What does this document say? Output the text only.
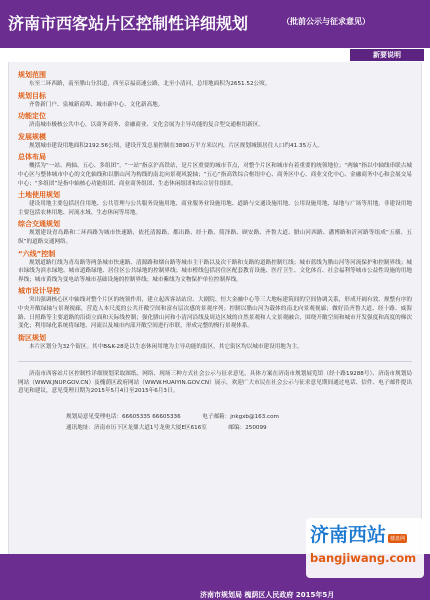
济南市西客站片区控制性详细规划	（批前公示与征求意见）
新要说明
规划范围

东至二环西路，南至腊山分洪道，西至京福高速公路，北至小清河，总用地面积为2651.52公顷。

规划目标

齐鲁新门户、泉城新商埠、城市新中心、文化新高地。

功能定位

济南城市极核公共中心，以商务商务、金融商业、文化会展为主导功能的复合型交通枢纽新区。

发展规模

规划城市建设用地面积2192.56公顷，建设开发总量控制在3890万平方米以内，片区规划城镇居住人口约41.35万人。

总体布局

概括为“一站、两轴、五心、多组团”。“一站”指京沪高铁站，是片区重要的城市节点，对整个片区和城市有着重要的统领地位；“两轴”指以中轴线串联古城中心区与整体城市中心的文化轴线和以腊山河为构线的南北向景观风貌轴；“五心”指高铁综合枢纽中心、商务区中心、商业文化中心、金融商务中心和会展交易中心；“多组团”是指中轴核心功能组团、商业商务组团、生态休闲组团和综合居住组团。

土地使用规划

建设用地主要包括居住用地、公共管理与公共服务设施用地、商业服务业设施用地、道路与交通设施用地、公用设施用地、绿地与广场等用地。非建设用地主要包括农林用地、河流水域、生态休闲等用地。

综合交通规划

规划建设青岛路和二环西路为城市快速路，依托清源路、都出路、经十路、简泽路、顾安路、齐鲁大道、腊山河西路、潘博路和沂河路等组成“五横、五纵”的道路交通网络。

“六线”控制

规划道路红线为青岛路等两条城市快速路、清源路和烟台路等城市主干路以及次干路和支路的道路控制红线；城市蓝线为腊山河等河流保护和控制界线；城市绿线为滨水绿地、城市道路绿地、居住区公共绿地的控制界线；城市橙线包括居住区配套教育设施、医疗卫生、文化体育、社会福利等城市公益性设施的用地界线；城市黄线为变电站等城市基础设施的控制界线；城市紫线为文物保护单位控制界线。

城市设计导控

突出强调核心区中轴线对整个片区的统领作用，建立起西客站站房、大剧院、恒大金融中心等三大地标建筑间的空间协调关系，形成开阔有效、规整有序的中央开敞绿轴与景观视廊，营造人本尺度的公共开敞空间和富有层次感的景观序列；控制以腊山河为载体的南北向景观视廊；做好沿齐鲁大道、经十路、威海路、日照路等主要道路的沿街立面和天际线控制；强化腊山河和小清河沿线及周边区域的自然景观和人文景观融合，围绕开敞空间和城市开发强度和高度的梯次变化；利用绿化系统将绿地、河流以及城市内部开敞空间进行串联，形成完整的慢行景观体系。

街区规划

本片区划分为32个街区。其中B&K-28是以生态休闲用地为主导功能的街区，其它街区均以城市建设用地为主。

济南市西客站片区控制性详细规划采取图纸、网络、现场三种方式社会公示与征求意见，具体方案在济南市规划展览馆（经十路19288号）、济南市规划局网站（WWW.JNUP.GOV.CN）及槐荫区政府网站（WWW.HUAIYIN.GOV.CN）展示。欢迎广大市民在社会公示与征求意见期间通过电话、信件、电子邮件提出意见和建议，意见受理日期为2015年5月4日至2015年6月3日。

规划局意见受理电话：66605335 66605336	电子邮箱：jnkgxb@163.com
通讯地址：济南市历下区龙鼎大道1号龙奥大厦E区616室	邮编：250099
济南市规划局 槐荫区人民政府 2015年5月
济南西站 楼盘网
bangjiwang.com
